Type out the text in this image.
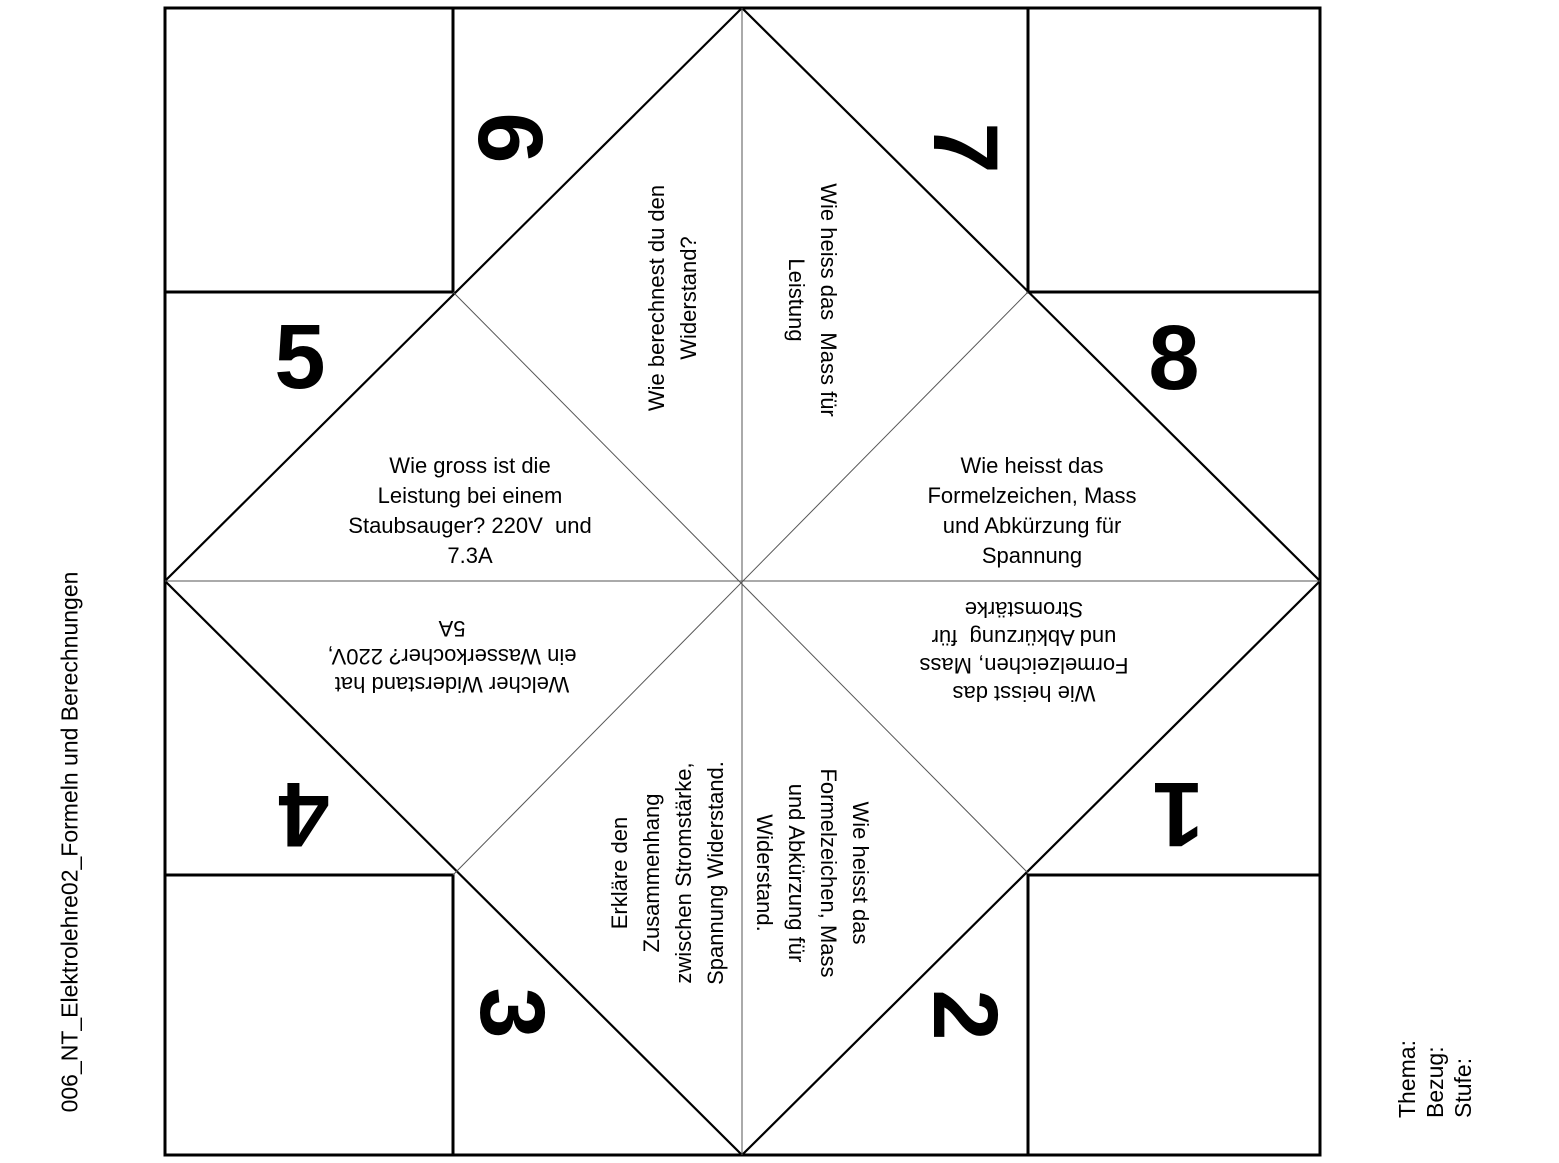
6	7
5	8
4	1
3	2
Wie berechnest du den Widerstand?	Wie heiss das  Mass für
Leistung
Wie gross ist die
Leistung bei einem
Staubsauger? 220V  und
7.3A
Wie heisst das
Formelzeichen, Mass
und Abkürzung für
Spannung
Welcher Widerstand hat
ein Wasserkocher? 220V,
5A
Wie heisst das
Formelzeichen, Mass
und Abkürzung  für
Stromstärke
Erkläre den Zusammenhang zwischen Stromstärke, Spannung Widerstand.	Wie heisst das
Formelzeichen, Mass
und Abkürzung für
Widerstand.
006_NT_Elektrolehre02_Formeln und Berechnungen	Thema: Bezug: Stufe:
